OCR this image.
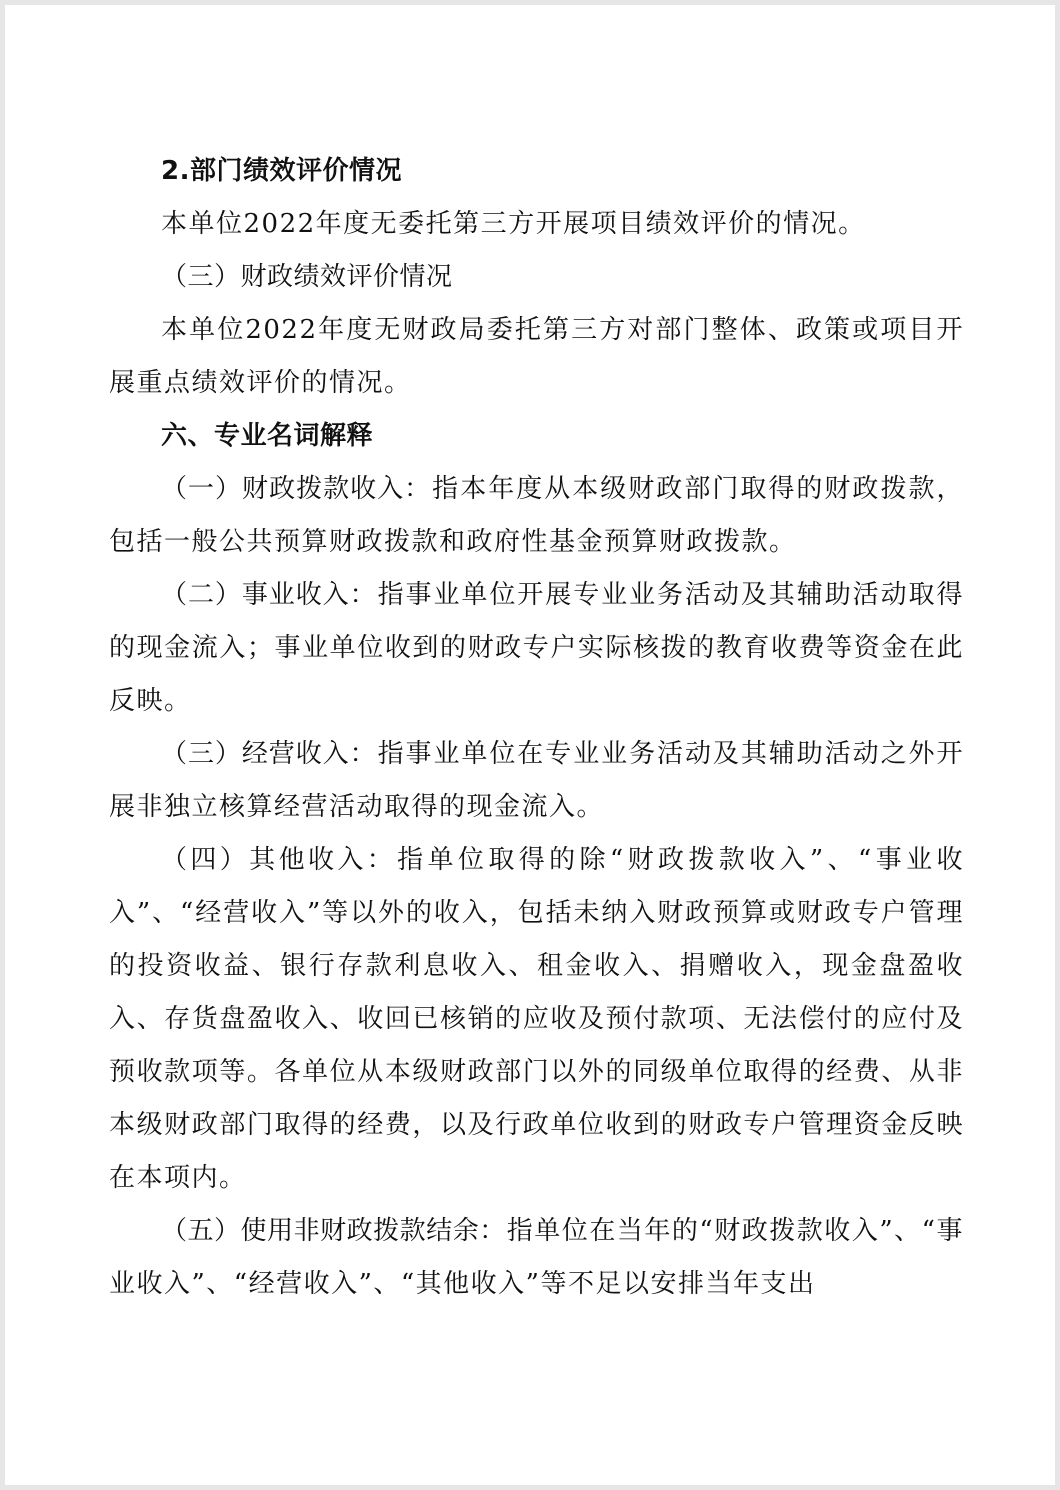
2.部门绩效评价情况

本单位2022年度无委托第三方开展项目绩效评价的情况。

（三）财政绩效评价情况

本单位2022年度无财政局委托第三方对部门整体、政策或项目开展重点绩效评价的情况。

六、专业名词解释

（一）财政拨款收入：指本年度从本级财政部门取得的财政拨款，包括一般公共预算财政拨款和政府性基金预算财政拨款。

（二）事业收入：指事业单位开展专业业务活动及其辅助活动取得的现金流入；事业单位收到的财政专户实际核拨的教育收费等资金在此反映。

（三）经营收入：指事业单位在专业业务活动及其辅助活动之外开展非独立核算经营活动取得的现金流入。

（四）其他收入：指单位取得的除“财政拨款收入”、“事业收入”、“经营收入”等以外的收入，包括未纳入财政预算或财政专户管理的投资收益、银行存款利息收入、租金收入、捐赠收入，现金盘盈收入、存货盘盈收入、收回已核销的应收及预付款项、无法偿付的应付及预收款项等。各单位从本级财政部门以外的同级单位取得的经费、从非本级财政部门取得的经费，以及行政单位收到的财政专户管理资金反映在本项内。

（五）使用非财政拨款结余：指单位在当年的“财政拨款收入”、“事业收入”、“经营收入”、“其他收入”等不足以安排当年支出
